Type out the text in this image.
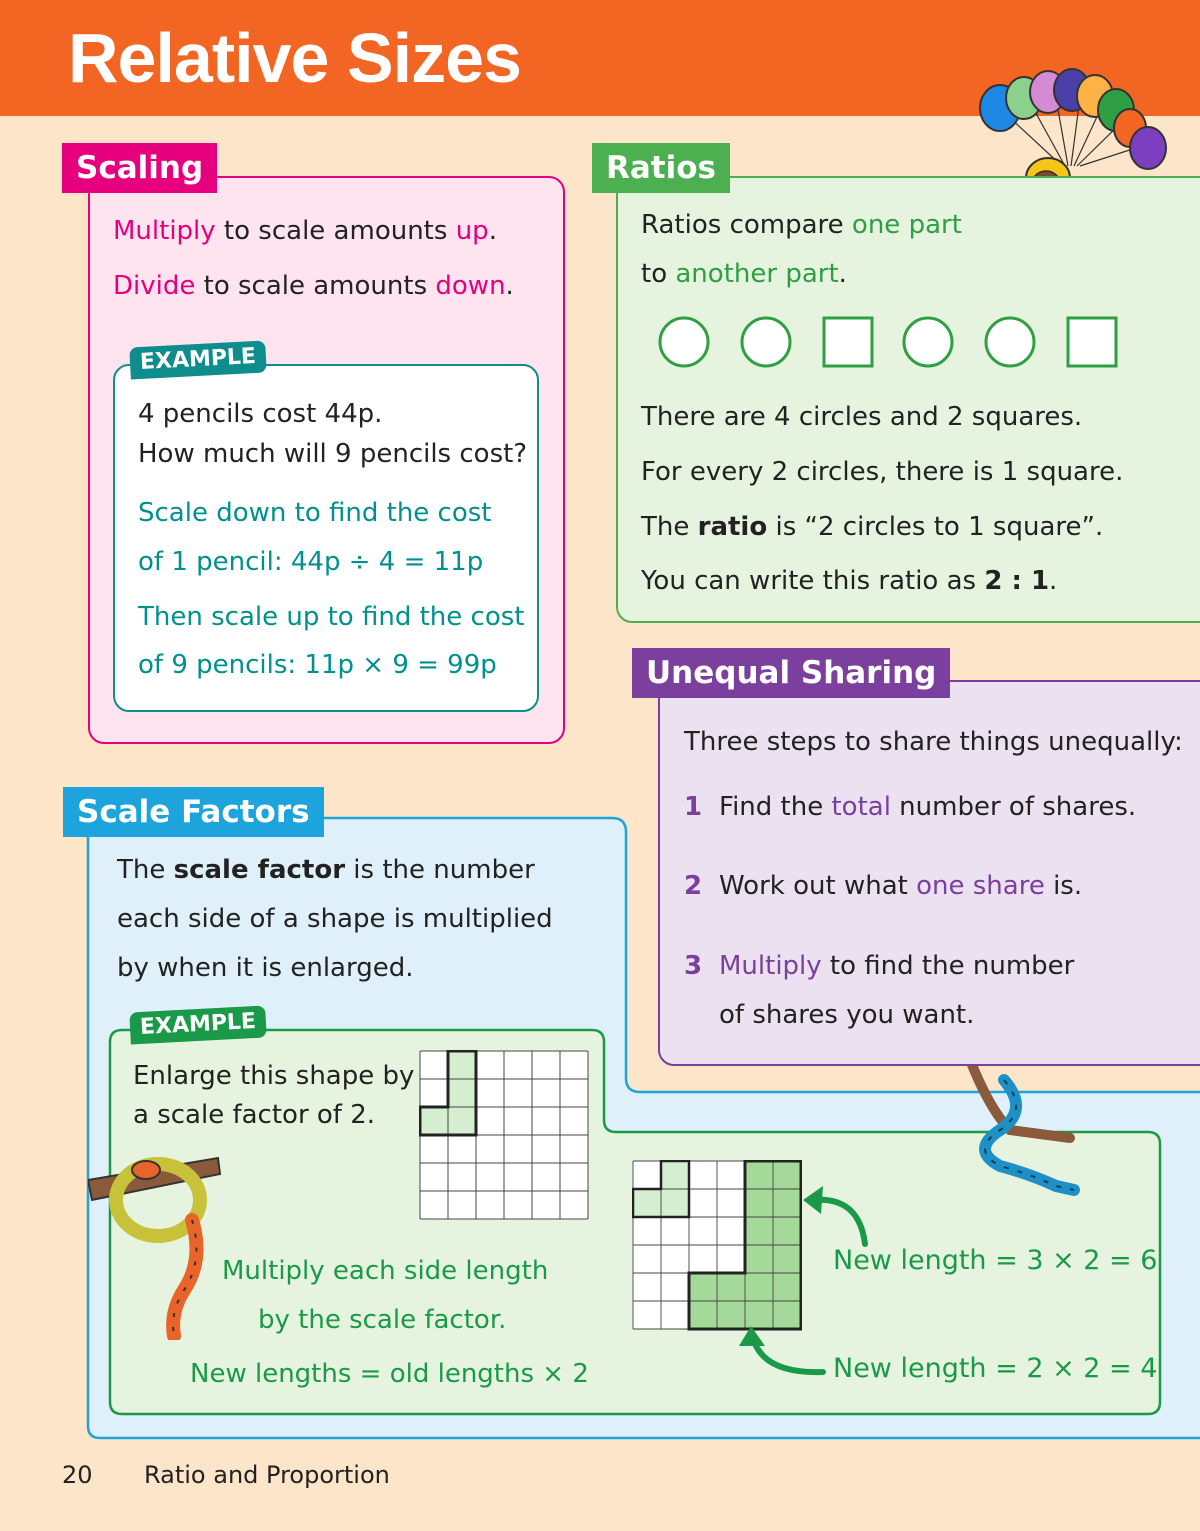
Relative Sizes
Scaling
Multiply to scale amounts up.
Divide to scale amounts down.
EXAMPLE
4 pencils cost 44p.
How much will 9 pencils cost?
Scale down to find the cost
of 1 pencil: 44p ÷ 4 = 11p
Then scale up to find the cost
of 9 pencils: 11p × 9 = 99p
Ratios
Ratios compare one part
to another part.
There are 4 circles and 2 squares.
For every 2 circles, there is 1 square.
The ratio is “2 circles to 1 square”.
You can write this ratio as 2 : 1.
Scale Factors
The scale factor is the number
each side of a shape is multiplied
by when it is enlarged.
EXAMPLE
Enlarge this shape by
a scale factor of 2.
New length = 3 × 2 = 6
New length = 2 × 2 = 4
Multiply each side length
by the scale factor.
New lengths = old lengths × 2
Unequal Sharing
Three steps to share things unequally:
1 Find the total number of shares.
2 Work out what one share is.
3 Multiply to find the number
of shares you want.
20 Ratio and Proportion
